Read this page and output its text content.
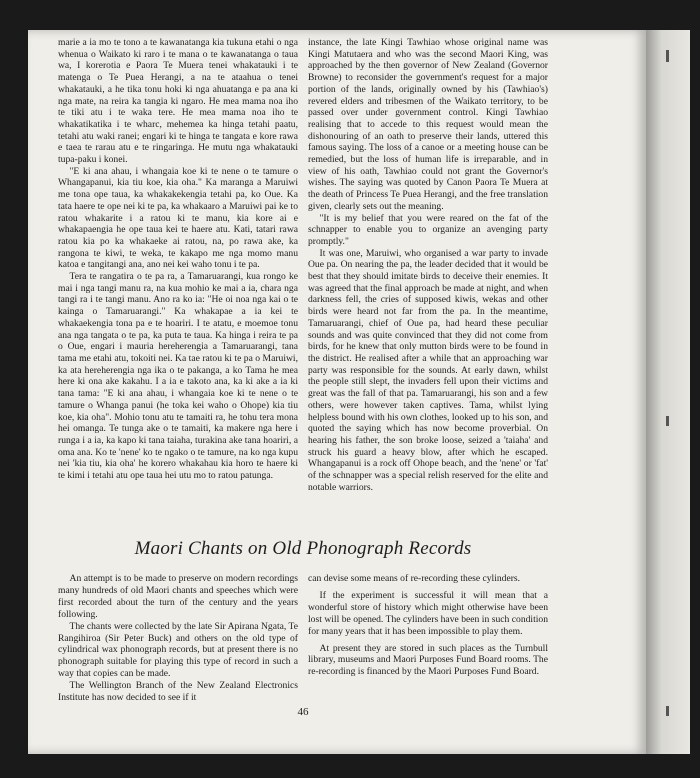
marie a ia mo te tono a te kawanatanga kia tukuna etahi o nga whenua o Waikato ki raro i te mana o te kawanatanga o taua wa, I korerotia e Paora Te Muera tenei whakatauki i te matenga o Te Puea Herangi, a na te ataahua o tenei whakatauki, a he tika tonu hoki ki nga ahuatanga e pa ana ki nga mate, na reira ka tangia ki ngaro. He mea mama noa iho te tiki atu i te waka tere. He mea mama noa iho te whakatikatika i te wharc, mehemea ka hinga tetahi paatu, tetahi atu waki ranei; engari ki te hinga te tangata e kore rawa e taea te rarau atu e te ringaringa. He mutu nga whakatauki tupa-paku i konei.

"E ki ana ahau, i whangaia koe ki te nene o te tamure o Whangapanui, kia tiu koe, kia oha." Ka maranga a Maruiwi me tona ope taua, ka whakakekengia tetahi pa, ko Oue. Ka tata haere te ope nei ki te pa, ka whakaaro a Maruiwi pai ke to ratou whakarite i a ratou ki te manu, kia kore ai e whakapaengia he ope taua kei te haere atu. Kati, tatari rawa ratou kia po ka whakaeke ai ratou, na, po rawa ake, ka rangona te kiwi, te weka, te kakapo me nga momo manu katoa e tangitangi ana, ano nei kei waho tonu i te pa.

Tera te rangatira o te pa ra, a Tamaruarangi, kua rongo ke mai i nga tangi manu ra, na kua mohio ke mai a ia, chara nga tangi ra i te tangi manu. Ano ra ko ia: "He oi noa nga kai o te kainga o Tamaruarangi." Ka whakapae a ia kei te whakaekengia tona pa e te hoariri. I te atatu, e moemoe tonu ana nga tangata o te pa, ka puta te taua. Ka hinga i reira te pa o Oue, engari i mauria hereherengia a Tamaruarangi, tana tama me etahi atu, tokoiti nei. Ka tae ratou ki te pa o Maruiwi, ka ata hereherengia nga ika o te pakanga, a ko Tama he mea here ki ona ake kakahu. I a ia e takoto ana, ka ki ake a ia ki tana tama: "E ki ana ahau, i whangaia koe ki te nene o te tamure o Whanga panui (he toka kei waho o Ohope) kia tiu koe, kia oha". Mohio tonu atu te tamaiti ra, he tohu tera mona hei omanga. Te tunga ake o te tamaiti, ka makere nga here i runga i a ia, ka kapo ki tana taiaha, turakina ake tana hoariri, a oma ana. Ko te 'nene' ko te ngako o te tamure, na ko nga kupu nei 'kia tiu, kia oha' he korero whakahau kia horo te haere ki te kimi i tetahi atu ope taua hei utu mo to ratou patunga.

instance, the late Kingi Tawhiao whose original name was Kingi Matutaera and who was the second Maori King, was approached by the then governor of New Zealand (Governor Browne) to reconsider the government's request for a major portion of the lands, originally owned by his (Tawhiao's) revered elders and tribesmen of the Waikato territory, to be passed over under government control. Kingi Tawhiao realising that to accede to this request would mean the dishonouring of an oath to preserve their lands, uttered this famous saying. The loss of a canoe or a meeting house can be remedied, but the loss of human life is irreparable, and in view of his oath, Tawhiao could not grant the Governor's wishes. The saying was quoted by Canon Paora Te Muera at the death of Princess Te Puea Herangi, and the free translation given, clearly sets out the meaning.

"It is my belief that you were reared on the fat of the schnapper to enable you to organize an avenging party promptly."

It was one, Maruiwi, who organised a war party to invade Oue pa. On nearing the pa, the leader decided that it would be best that they should imitate birds to deceive their enemies. It was agreed that the final approach be made at night, and when darkness fell, the cries of supposed kiwis, wekas and other birds were heard not far from the pa. In the meantime, Tamaruarangi, chief of Oue pa, had heard these peculiar sounds and was quite convinced that they did not come from birds, for he knew that only mutton birds were to be found in the district. He realised after a while that an approaching war party was responsible for the sounds. At early dawn, whilst the people still slept, the invaders fell upon their victims and great was the fall of that pa. Tamaruarangi, his son and a few others, were however taken captives. Tama, whilst lying helpless bound with his own clothes, looked up to his son, and quoted the saying which has now become proverbial. On hearing his father, the son broke loose, seized a 'taiaha' and struck his guard a heavy blow, after which he escaped. Whangapanui is a rock off Ohope beach, and the 'nene' or 'fat' of the schnapper was a special relish reserved for the elite and notable warriors.

Maori Chants on Old Phonograph Records

An attempt is to be made to preserve on modern recordings many hundreds of old Maori chants and speeches which were first recorded about the turn of the century and the years following.

The chants were collected by the late Sir Apirana Ngata, Te Rangihiroa (Sir Peter Buck) and others on the old type of cylindrical wax phonograph records, but at present there is no phonograph suitable for playing this type of record in such a way that copies can be made.

The Wellington Branch of the New Zealand Electronics Institute has now decided to see if it

can devise some means of re-recording these cylinders.

If the experiment is successful it will mean that a wonderful store of history which might otherwise have been lost will be opened. The cylinders have been in such condition for many years that it has been impossible to play them.

At present they are stored in such places as the Turnbull library, museums and Maori Purposes Fund Board rooms. The re-recording is financed by the Maori Purposes Fund Board.

46
